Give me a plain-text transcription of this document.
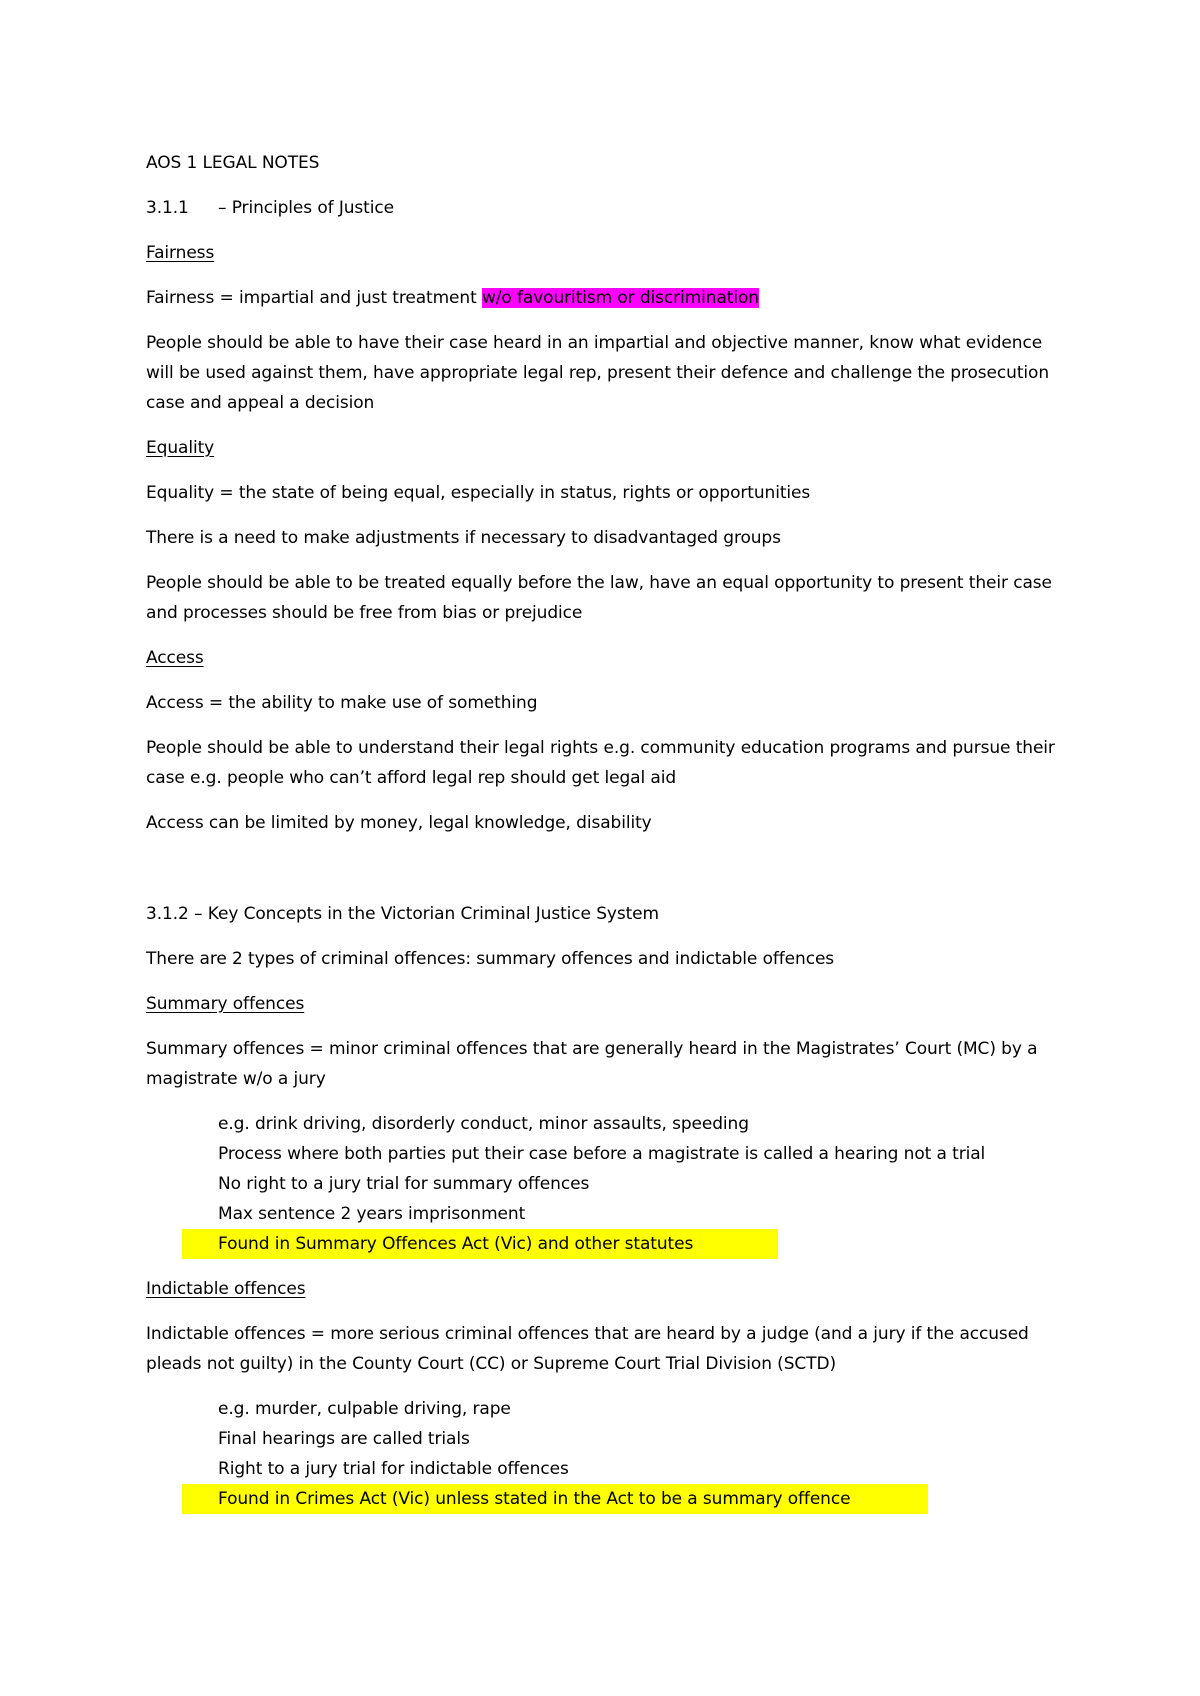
AOS 1 LEGAL NOTES

3.1.1 – Principles of Justice

Fairness

Fairness = impartial and just treatment w/o favouritism or discrimination

People should be able to have their case heard in an impartial and objective manner, know what evidence will be used against them, have appropriate legal rep, present their defence and challenge the prosecution case and appeal a decision

Equality

Equality = the state of being equal, especially in status, rights or opportunities

There is a need to make adjustments if necessary to disadvantaged groups

People should be able to be treated equally before the law, have an equal opportunity to present their case and processes should be free from bias or prejudice

Access

Access = the ability to make use of something

People should be able to understand their legal rights e.g. community education programs and pursue their case e.g. people who can’t afford legal rep should get legal aid

Access can be limited by money, legal knowledge, disability

3.1.2 – Key Concepts in the Victorian Criminal Justice System

There are 2 types of criminal offences: summary offences and indictable offences

Summary offences

Summary offences = minor criminal offences that are generally heard in the Magistrates’ Court (MC) by a magistrate w/o a jury

e.g. drink driving, disorderly conduct, minor assaults, speeding
Process where both parties put their case before a magistrate is called a hearing not a trial
No right to a jury trial for summary offences
Max sentence 2 years imprisonment
Found in Summary Offences Act (Vic) and other statutes

Indictable offences

Indictable offences = more serious criminal offences that are heard by a judge (and a jury if the accused pleads not guilty) in the County Court (CC) or Supreme Court Trial Division (SCTD)

e.g. murder, culpable driving, rape
Final hearings are called trials
Right to a jury trial for indictable offences
Found in Crimes Act (Vic) unless stated in the Act to be a summary offence
